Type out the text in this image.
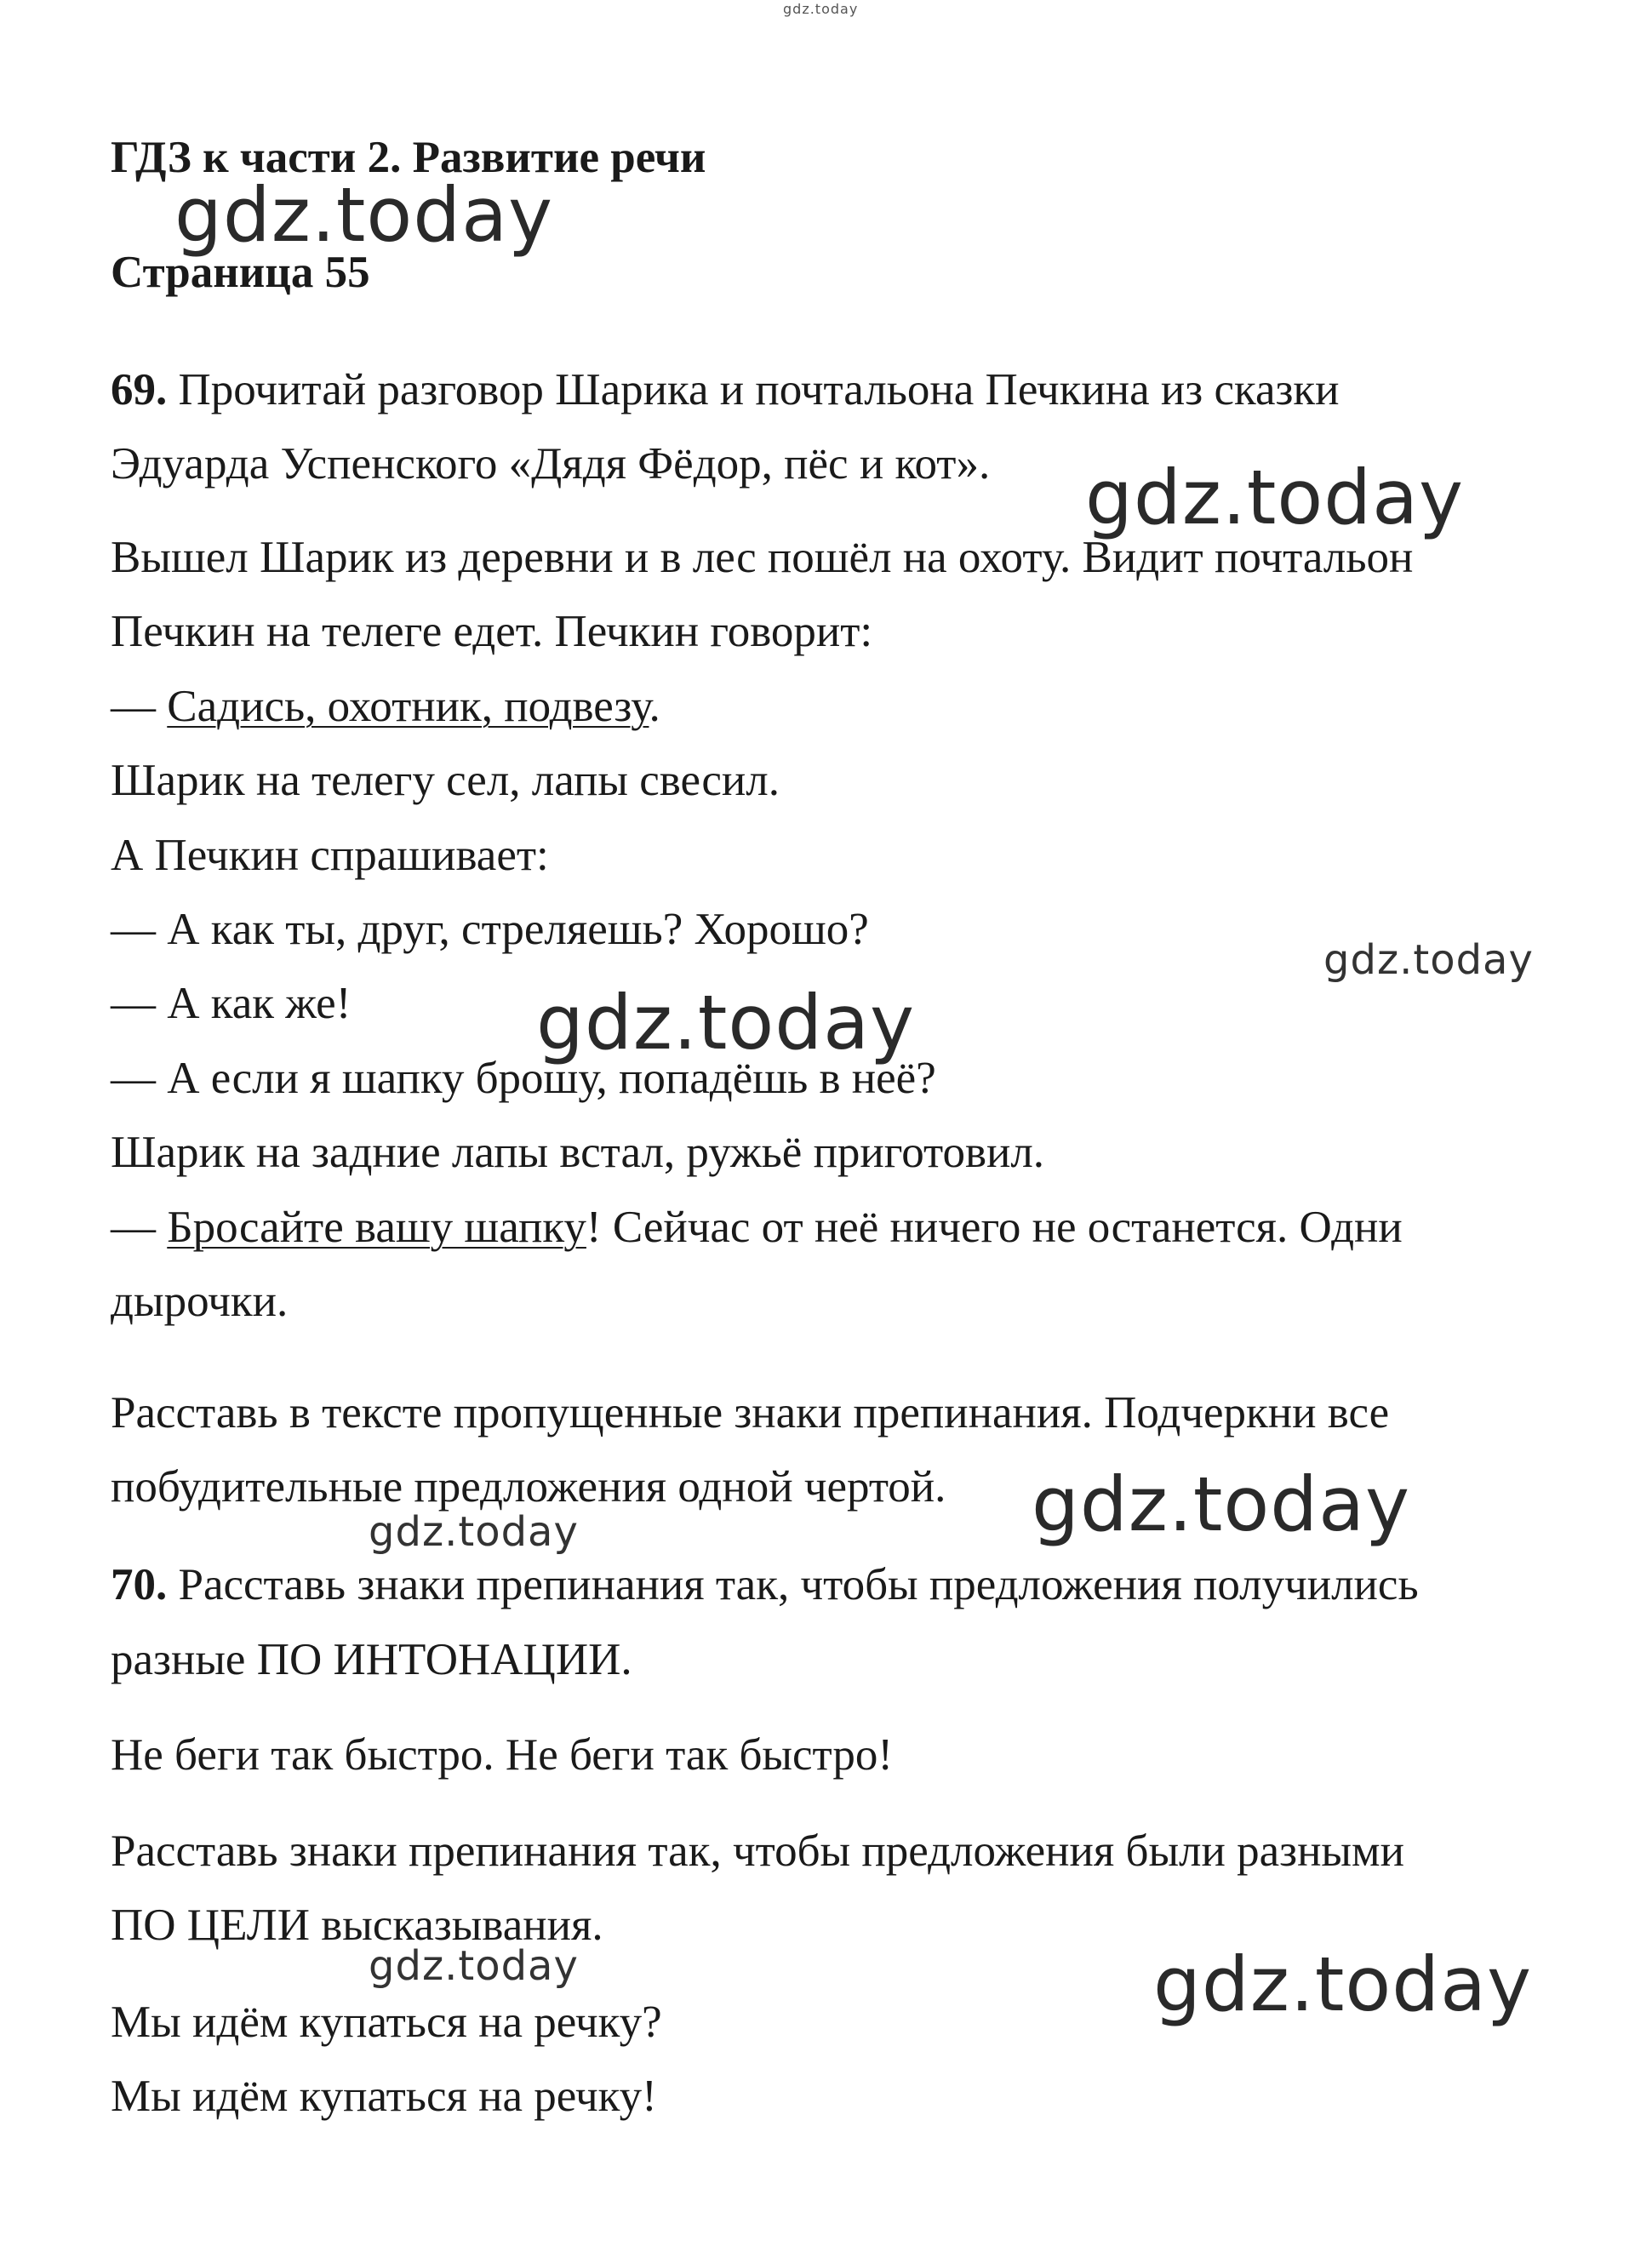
gdz.today
gdz.today
gdz.today
gdz.today
gdz.today
gdz.today
gdz.today
gdz.today	gdz.today
ГДЗ к части 2. Развитие речи
Страница 55
69. Прочитай разговор Шарика и почтальона Печкина из сказки
Эдуарда Успенского «Дядя Фёдор, пёс и кот».
Вышел Шарик из деревни и в лес пошёл на охоту. Видит почтальон
Печкин на телеге едет. Печкин говорит:
— Садись, охотник, подвезу.
Шарик на телегу сел, лапы свесил.
А Печкин спрашивает:
— А как ты, друг, стреляешь? Хорошо?
— А как же!
— А если я шапку брошу, попадёшь в неё?
Шарик на задние лапы встал, ружьё приготовил.
— Бросайте вашу шапку! Сейчас от неё ничего не останется. Одни
дырочки.
Расставь в тексте пропущенные знаки препинания. Подчеркни все
побудительные предложения одной чертой.
70. Расставь знаки препинания так, чтобы предложения получились
разные ПО ИНТОНАЦИИ.
Не беги так быстро. Не беги так быстро!
Расставь знаки препинания так, чтобы предложения были разными
ПО ЦЕЛИ высказывания.
Мы идём купаться на речку?
Мы идём купаться на речку!
